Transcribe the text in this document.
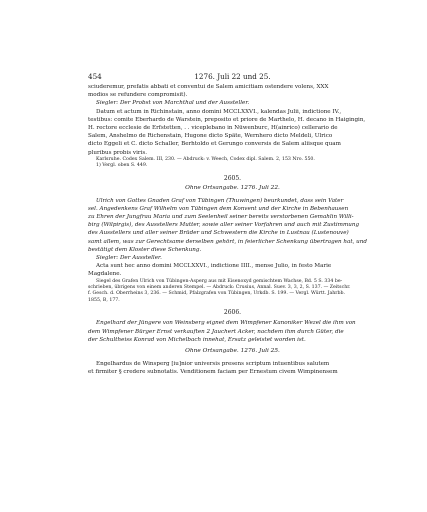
454	1276. Juli 22 und 25.

sciuderemur, prefatis abbati et conventui de Salem amicitiam ostendere volens, XXX

modios se refundere compromisit).

Siegler: Der Probst von Marchthal und der Aussteller.

Datum et actum in Richinstain, anno domini MCCLXXVI., kalendas Julii, indictione IV.,

testibus: comite Eberhardo de Warstein, preposito et priore de Marthelo, H. decano in Haigingin,

H. rectore ecclesie de Erfstetten, . . viceplebano in Nüwenburc, H(ainrico) cellerario de

Salem, Anshelmo de Richenstain, Hugone dicto Späte, Wernhero dicto Meldeli, Ulrico

dicto Eggeli et C. dicto Schaller, Berhtoldo et Gerungo conversis de Salem aliisque quam

pluribus probis viris.

Karlsruhe. Codex Salem. III, 230. — Abdruck: v. Weech, Codex dipl. Salem. 2, 153 Nro. 550.

1) Vergl. oben S. 449.

2605.
Ohne Ortsangabe. 1276. Juli 22.

Ulrich von Gottes Gnaden Graf von Tübingen (Thuwingen) beurkundet, dass sein Vater

sel. Angedenkens Graf Wilhelm von Tübingen dem Konvent und der Kirche in Bebenhausen

zu Ehren der Jungfrau Maria und zum Seelenheil seiner bereits verstorbenen Gemahlin Willi-

birg (Wilpirgis), des Ausstellers Mutter, sowie aller seiner Vorfahren und auch mit Zustimmung

des Ausstellers und aller seiner Brüder und Schwestern die Kirche in Lustnau (Lustenouve)

samt allem, was zur Gerechtsame derselben gehört, in feierlicher Schenkung übertragen hat, und

bestätigt dem Kloster diese Schenkung.

Siegler: Der Aussteller.

Acta sunt hec anno domini MCCLXXVI., indictione IIII., mense Julio, in festo Marie

Magdalene.

Siegel des Grafen Ulrich von Tübingen-Asperg aus mit Eisenoxyd gemischtem Wachse, Bd. 5 S. 334 be-

schrieben, übrigens von einem anderen Stempel. — Abdruck: Crusius, Annal. Suev. 3, 3, 2, S. 137. — Zeitschr.

f. Gesch. d. Oberrheins 3, 236. — Schmid, Pfalzgrafen von Tübingen, Urkdb. S. 199. — Vergl. Württ. Jahrbb.

1855, B, 177.

2606.

Engelhard der Jüngere von Weinsberg eignet dem Wimpfener Kanoniker Wezel die ihm von

dem Wimpfener Bürger Ernst verkauften 2 Jauchert Acker, nachdem ihm durch Güter, die

der Schultheiss Konrad von Michelbach innehat, Ersatz geleistet worden ist.

Ohne Ortsangabe. 1276. Juli 25.

Engelhardus de Winsperg [iu]nior universis presens scriptum intuentibus salutem

et firmiter § credere subnotatis. Venditionem faciam per Ernestum civem Wimpinensem
